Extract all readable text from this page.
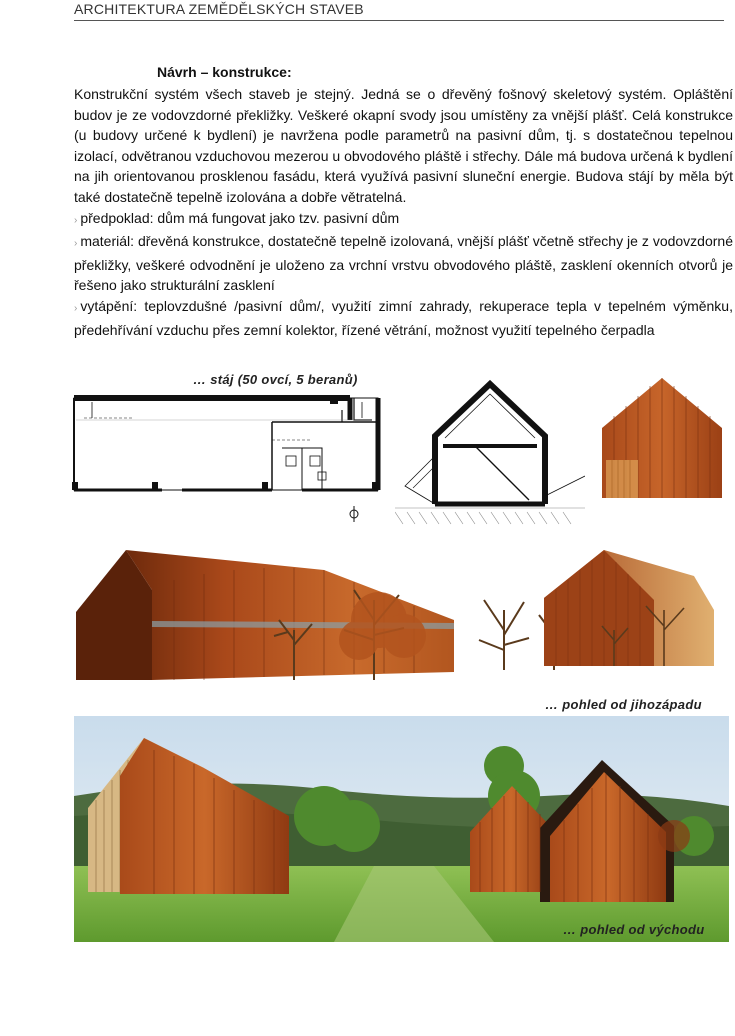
ARCHITEKTURA ZEMĚDĚLSKÝCH STAVEB
Návrh – konstrukce:

Konstrukční systém všech staveb je stejný. Jedná se o dřevěný fošnový skeletový systém. Opláštění budov je ze vodovzdorné překližky. Veškeré okapní svody jsou umístěny za vnější plášť. Celá konstrukce (u budovy určené k bydlení) je navržena podle parametrů na pasivní dům, tj. s dostatečnou tepelnou izolací, odvětranou vzduchovou mezerou u obvodového pláště i střechy. Dále má budova určená k bydlení na jih orientovanou prosklenou fasádu, která využívá pasivní sluneční energie. Budova stájí by měla být také dostatečně tepelně izolována a dobře větratelná.

› předpoklad: dům má fungovat jako tzv. pasivní dům

› materiál: dřevěná konstrukce, dostatečně tepelně izolovaná, vnější plášť včetně střechy je z vodovzdorné překližky, veškeré odvodnění je uloženo za vrchní vrstvu obvodového pláště, zasklení okenních otvorů je řešeno jako strukturální zasklení

› vytápění: teplovzdušné /pasivní dům/, využití zimní zahrady, rekuperace tepla v tepelném výměnku, předehřívání vzduchu přes zemní kolektor, řízené větrání, možnost využití tepelného čerpadla

… stáj (50 ovcí, 5 beranů)
… pohled od jihozápadu
… pohled od východu
